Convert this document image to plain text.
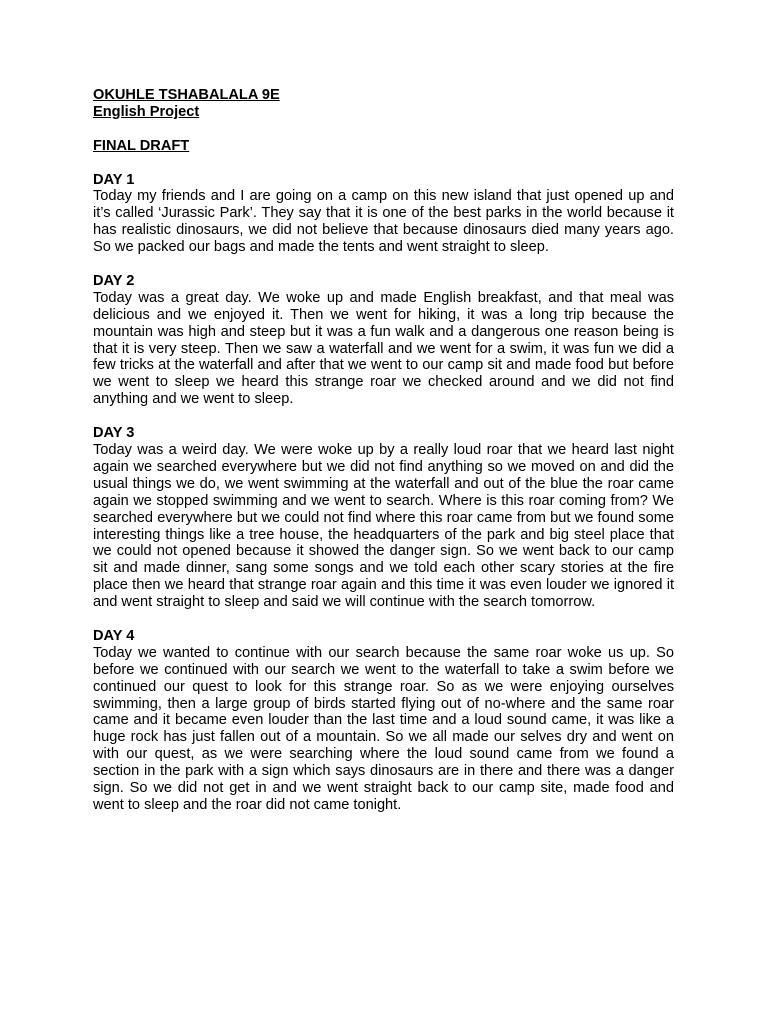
OKUHLE TSHABALALA 9E

English Project

FINAL DRAFT

DAY 1

Today my friends and I are going on a camp on this new island that just opened up and it’s called ‘Jurassic Park’. They say that it is one of the best parks in the world because it has realistic dinosaurs, we did not believe that because dinosaurs died many years ago. So we packed our bags and made the tents and went straight to sleep.

DAY 2

Today was a great day. We woke up and made English breakfast, and that meal was delicious and we enjoyed it. Then we went for hiking, it was a long trip because the mountain was high and steep but it was a fun walk and a dangerous one reason being is that it is very steep. Then we saw a waterfall and we went for a swim, it was fun we did a few tricks at the waterfall and after that we went to our camp sit and made food but before we went to sleep we heard this strange roar we checked around and we did not find anything and we went to sleep.

DAY 3

Today was a weird day. We were woke up by a really loud roar that we heard last night again we searched everywhere but we did not find anything so we moved on and did the usual things we do, we went swimming at the waterfall and out of the blue the roar came again we stopped swimming and we went to search. Where is this roar coming from? We searched everywhere but we could not find where this roar came from but we found some interesting things like a tree house, the headquarters of the park and big steel place that we could not opened because it showed the danger sign. So we went back to our camp sit and made dinner, sang some songs and we told each other scary stories at the fire place then we heard that strange roar again and this time it was even louder we ignored it and went straight to sleep and said we will continue with the search tomorrow.

DAY 4

Today we wanted to continue with our search because the same roar woke us up. So before we continued with our search we went to the waterfall to take a swim before we continued our quest to look for this strange roar. So as we were enjoying ourselves swimming, then a large group of birds started flying out of no-where and the same roar came and it became even louder than the last time and a loud sound came, it was like a huge rock has just fallen out of a mountain. So we all made our selves dry and went on with our quest, as we were searching where the loud sound came from we found a section in the park with a sign which says dinosaurs are in there and there was a danger sign. So we did not get in and we went straight back to our camp site, made food and went to sleep and the roar did not came tonight.
